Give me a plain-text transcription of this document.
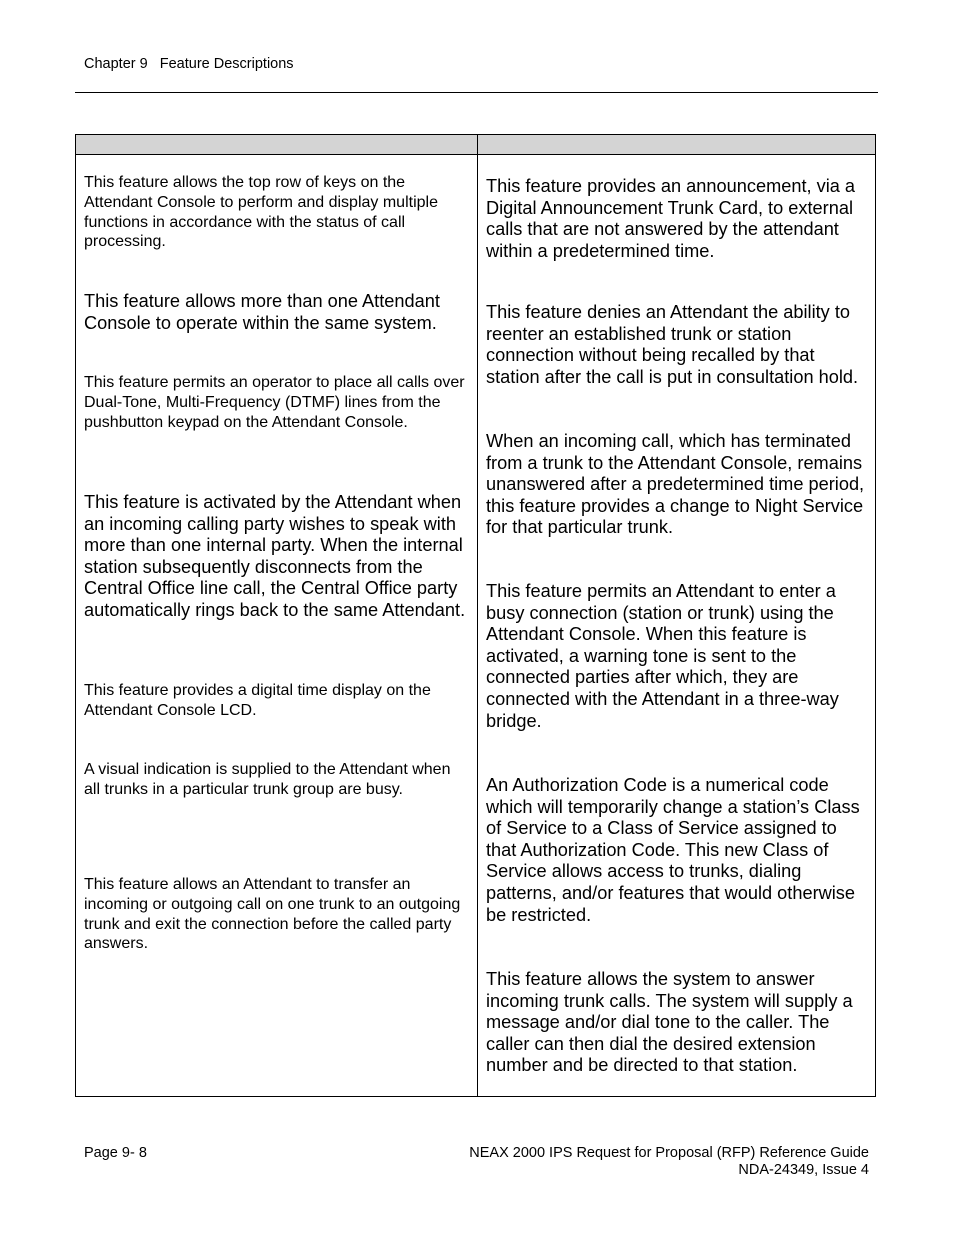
Chapter 9   Feature Descriptions

This feature allows the top row of keys on the Attendant Console to perform and display multiple functions in accordance with the status of call processing.

This feature allows more than one Attendant Console to operate within the same system.

This feature permits an operator to place all calls over Dual-Tone, Multi-Frequency (DTMF) lines from the pushbutton keypad on the Attendant Console.

This feature is activated by the Attendant when an incoming calling party wishes to speak with more than one internal party. When the internal station subsequently disconnects from the Central Office line call, the Central Office party automatically rings back to the same Attendant.

This feature provides a digital time display on the Attendant Console LCD.

A visual indication is supplied to the Attendant when all trunks in a particular trunk group are busy.

This feature allows an Attendant to transfer an incoming or outgoing call on one trunk to an outgoing trunk and exit the connection before the called party answers.

This feature provides an announcement, via a Digital Announcement Trunk Card, to external calls that are not answered by the attendant within a predetermined time.

This feature denies an Attendant the ability to reenter an established trunk or station connection without being recalled by that station after the call is put in consultation hold.

When an incoming call, which has terminated from a trunk to the Attendant Console, remains unanswered after a predetermined time period, this feature provides a change to Night Service for that particular trunk.

This feature permits an Attendant to enter a busy connection (station or trunk) using the Attendant Console. When this feature is activated, a warning tone is sent to the connected parties after which, they are connected with the Attendant in a three-way bridge.

An Authorization Code is a numerical code which will temporarily change a station’s Class of Service to a Class of Service assigned to that Authorization Code. This new Class of Service allows access to trunks, dialing patterns, and/or features that would otherwise be restricted.

This feature allows the system to answer incoming trunk calls. The system will supply a message and/or dial tone to the caller. The caller can then dial the desired extension number and be directed to that station.

Page 9- 8	NEAX 2000 IPS Request for Proposal (RFP) Reference Guide
NDA-24349, Issue 4
